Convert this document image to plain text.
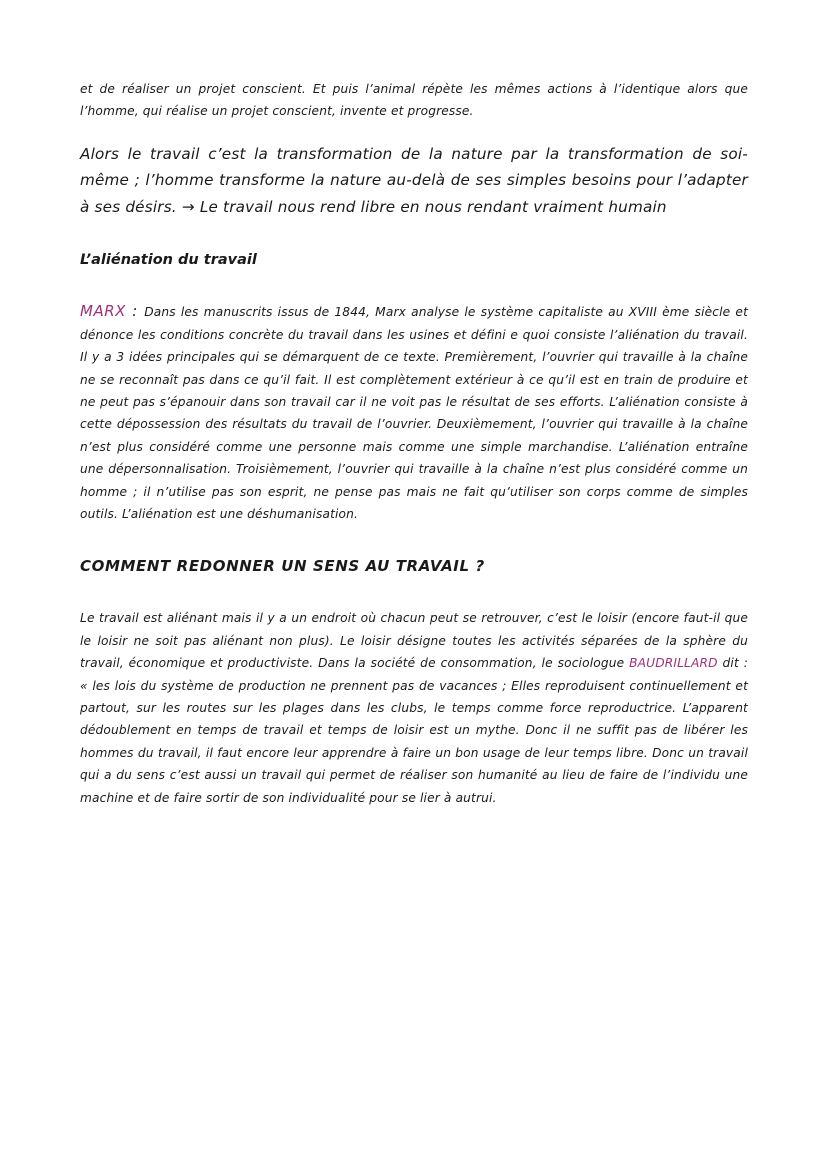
et de réaliser un projet conscient. Et puis l’animal répète les mêmes actions à l’identique alors que l’homme, qui réalise un projet conscient, invente et progresse.

Alors le travail c’est la transformation de la nature par la transformation de soi-même ; l’homme transforme la nature au-delà de ses simples besoins pour l’adapter à ses désirs. → Le travail nous rend libre en nous rendant vraiment humain

L’aliénation du travail

MARX : Dans les manuscrits issus de 1844, Marx analyse le système capitaliste au XVIII ème siècle et dénonce les conditions concrète du travail dans les usines et défini e quoi consiste l’aliénation du travail. Il y a 3 idées principales qui se démarquent de ce texte. Premièrement, l’ouvrier qui travaille à la chaîne ne se reconnaît pas dans ce qu’il fait. Il est complètement extérieur à ce qu’il est en train de produire et ne peut pas s’épanouir dans son travail car il ne voit pas le résultat de ses efforts. L’aliénation consiste à cette dépossession des résultats du travail de l’ouvrier. Deuxièmement, l’ouvrier qui travaille à la chaîne n’est plus considéré comme une personne mais comme une simple marchandise. L’aliénation entraîne une dépersonnalisation. Troisièmement, l’ouvrier qui travaille à la chaîne n’est plus considéré comme un homme ; il n’utilise pas son esprit, ne pense pas mais ne fait qu’utiliser son corps comme de simples outils. L’aliénation est une déshumanisation.

COMMENT REDONNER UN SENS AU TRAVAIL ?

Le travail est aliénant mais il y a un endroit où chacun peut se retrouver, c’est le loisir (encore faut-il que le loisir ne soit pas aliénant non plus). Le loisir désigne toutes les activités séparées de la sphère du travail, économique et productiviste. Dans la société de consommation, le sociologue BAUDRILLARD dit : « les lois du système de production ne prennent pas de vacances ; Elles reproduisent continuellement et partout, sur les routes sur les plages dans les clubs, le temps comme force reproductrice. L’apparent dédoublement en temps de travail et temps de loisir est un mythe. Donc il ne suffit pas de libérer les hommes du travail, il faut encore leur apprendre à faire un bon usage de leur temps libre. Donc un travail qui a du sens c’est aussi un travail qui permet de réaliser son humanité au lieu de faire de l’individu une machine et de faire sortir de son individualité pour se lier à autrui.
